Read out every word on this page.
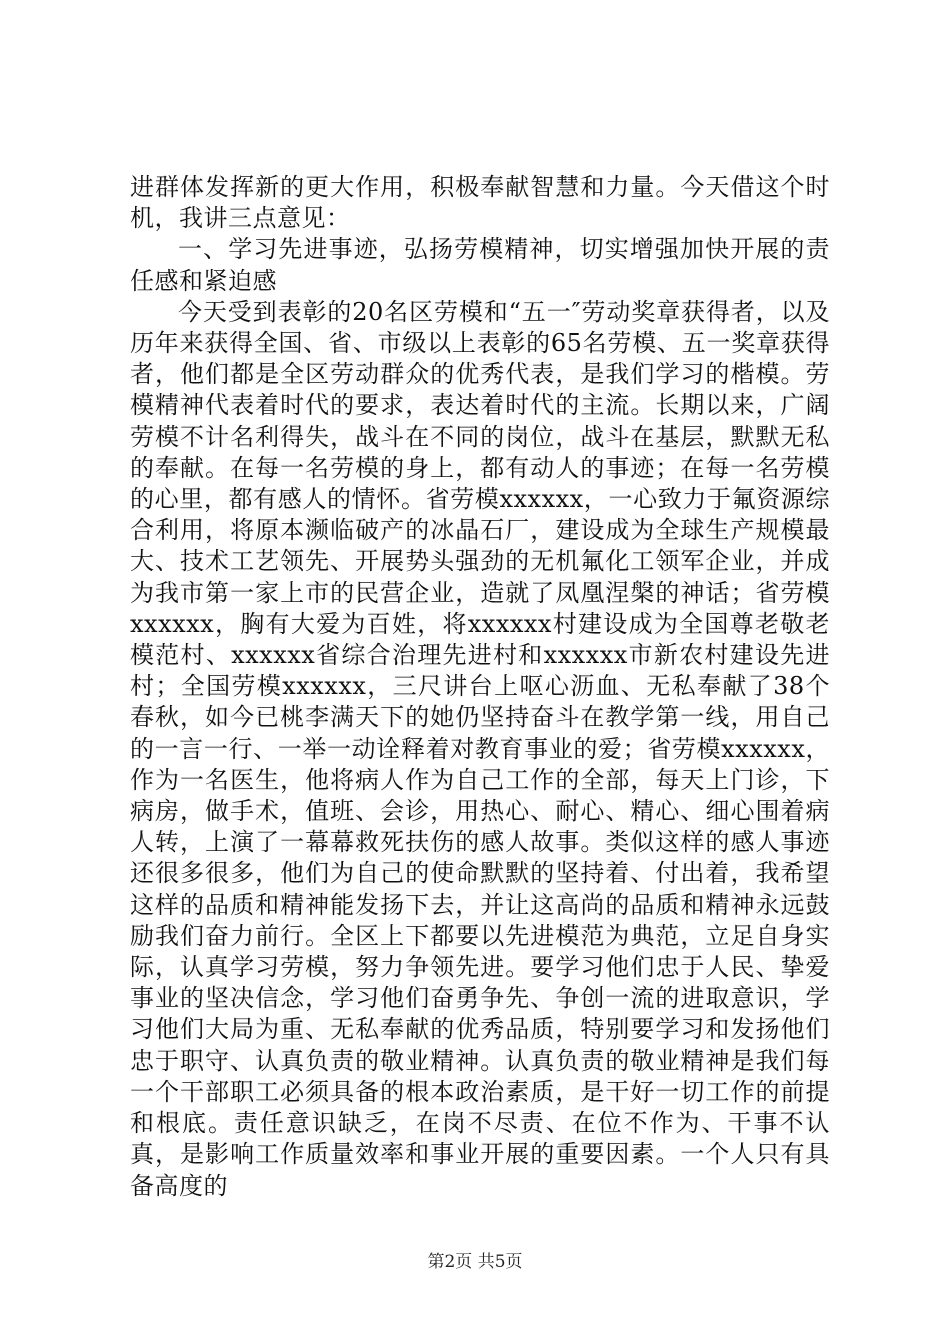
进群体发挥新的更大作用，积极奉献智慧和力量。今天借这个时机，我讲三点意见：

一、学习先进事迹，弘扬劳模精神，切实增强加快开展的责任感和紧迫感

今天受到表彰的20名区劳模和“五一″劳动奖章获得者，以及历年来获得全国、省、市级以上表彰的65名劳模、五一奖章获得者，他们都是全区劳动群众的优秀代表，是我们学习的楷模。劳模精神代表着时代的要求，表达着时代的主流。长期以来，广阔劳模不计名利得失，战斗在不同的岗位，战斗在基层，默默无私的奉献。在每一名劳模的身上，都有动人的事迹；在每一名劳模的心里，都有感人的情怀。省劳模xxxxxx，一心致力于氟资源综合利用，将原本濒临破产的冰晶石厂，建设成为全球生产规模最大、技术工艺领先、开展势头强劲的无机氟化工领军企业，并成为我市第一家上市的民营企业，造就了凤凰涅槃的神话；省劳模xxxxxx，胸有大爱为百姓，将xxxxxx村建设成为全国尊老敬老模范村、xxxxxx省综合治理先进村和xxxxxx市新农村建设先进村；全国劳模xxxxxx，三尺讲台上呕心沥血、无私奉献了38个春秋，如今已桃李满天下的她仍坚持奋斗在教学第一线，用自己的一言一行、一举一动诠释着对教育事业的爱；省劳模xxxxxx，作为一名医生，他将病人作为自己工作的全部，每天上门诊，下病房，做手术，值班、会诊，用热心、耐心、精心、细心围着病人转，上演了一幕幕救死扶伤的感人故事。类似这样的感人事迹还很多很多，他们为自己的使命默默的坚持着、付出着，我希望这样的品质和精神能发扬下去，并让这高尚的品质和精神永远鼓励我们奋力前行。全区上下都要以先进模范为典范，立足自身实际，认真学习劳模，努力争领先进。要学习他们忠于人民、挚爱事业的坚决信念，学习他们奋勇争先、争创一流的进取意识，学习他们大局为重、无私奉献的优秀品质，特别要学习和发扬他们忠于职守、认真负责的敬业精神。认真负责的敬业精神是我们每一个干部职工必须具备的根本政治素质，是干好一切工作的前提和根底。责任意识缺乏，在岗不尽责、在位不作为、干事不认真，是影响工作质量效率和事业开展的重要因素。一个人只有具备高度的

第2页 共5页
